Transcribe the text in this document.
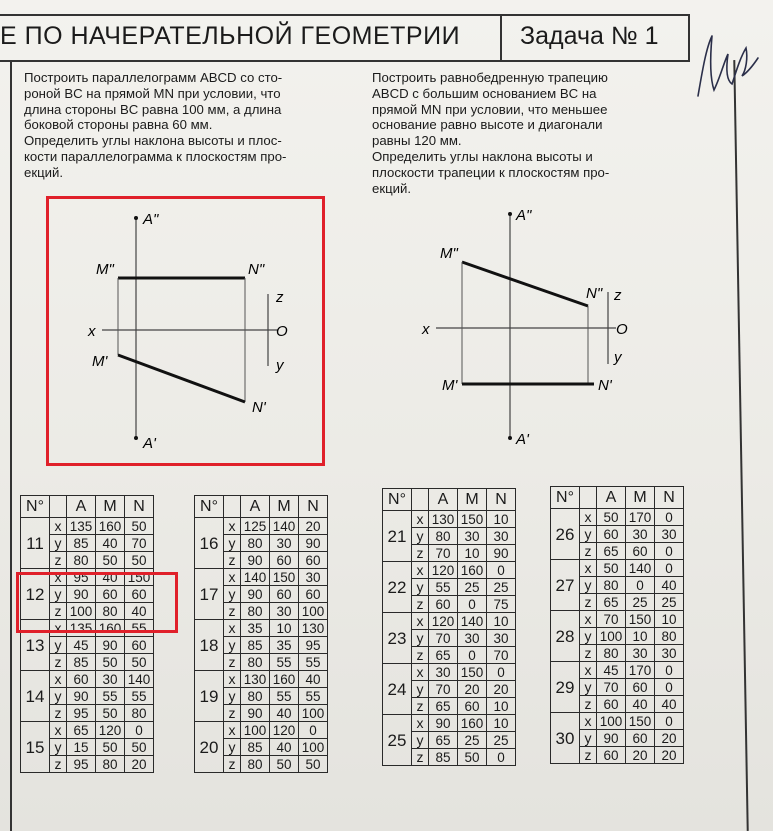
Е ПО НАЧЕРАТЕЛЬНОЙ ГЕОМЕТРИИ Задача № 1
Построить параллелограмм ABCD со сто-
роной BC на прямой MN при условии, что
длина стороны BC равна 100 мм, а длина
боковой стороны равна 60 мм.
Определить углы наклона высоты и плос-
кости параллелограмма к плоскостям про-
екций.
Построить равнобедренную трапецию
ABCD с большим основанием BC на
прямой MN при условии, что меньшее
основание равно высоте и диагонали
равны 120 мм.
Определить углы наклона высоты и
плоскости трапеции к плоскостям про-
екций.
A"
M"	N"
x
z
O
y
M'
N'
A'
A"
M"
N"
x
z
O
y
M'	N'
A'
N°		A	M	N
11	x	135	160	50
	y	85	40	70
	z	80	50	50
12	x	95	40	150
	y	90	60	60
	z	100	80	40
13	x	135	160	55
	y	45	90	60
	z	85	50	50
14	x	60	30	140
	y	90	55	55
	z	95	50	80
15	x	65	120	0
	y	15	50	50
	z	95	80	20
N°		A	M	N
16	x	125	140	20
	y	80	30	90
	z	90	60	60
17	x	140	150	30
	y	90	60	60
	z	80	30	100
18	x	35	10	130
	y	85	35	95
	z	80	55	55
19	x	130	160	40
	y	80	55	55
	z	90	40	100
20	x	100	120	0
	y	85	40	100
	z	80	50	50
N°		A	M	N
21	x	130	150	10
	y	80	30	30
	z	70	10	90
22	x	120	160	0
	y	55	25	25
	z	60	0	75
23	x	120	140	10
	y	70	30	30
	z	65	0	70
24	x	30	150	0
	y	70	20	20
	z	65	60	10
25	x	90	160	10
	y	65	25	25
	z	85	50	0
N°		A	M	N
26	x	50	170	0
	y	60	30	30
	z	65	60	0
27	x	50	140	0
	y	80	0	40
	z	65	25	25
28	x	70	150	10
	y	100	10	80
	z	80	30	30
29	x	45	170	0
	y	70	60	0
	z	60	40	40
30	x	100	150	0
	y	90	60	20
	z	60	20	20
